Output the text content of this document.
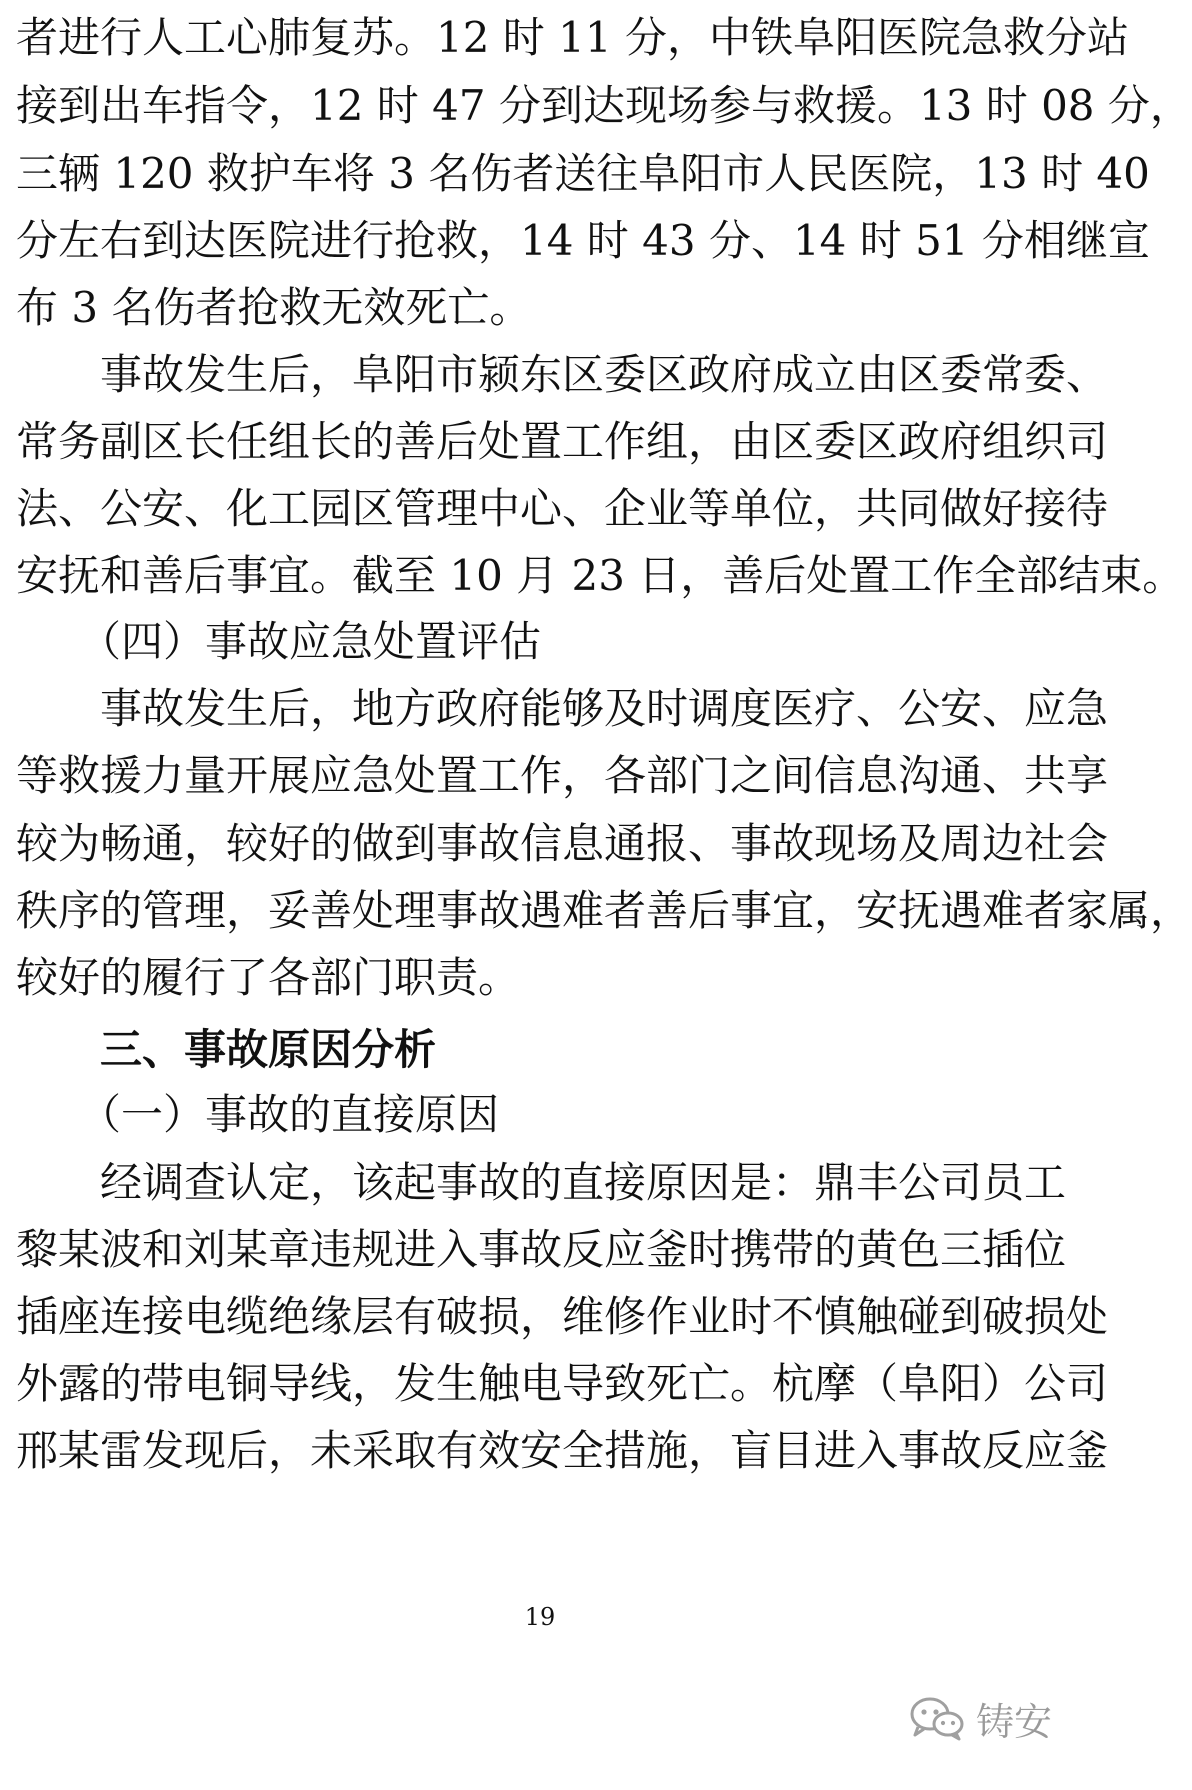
者进行人工心肺复苏。12 时 11 分，中铁阜阳医院急救分站
接到出车指令，12 时 47 分到达现场参与救援。13 时 08 分，
三辆 120 救护车将 3 名伤者送往阜阳市人民医院，13 时 40
分左右到达医院进行抢救，14 时 43 分、14 时 51 分相继宣
布 3 名伤者抢救无效死亡。
　　事故发生后，阜阳市颍东区委区政府成立由区委常委、
常务副区长任组长的善后处置工作组，由区委区政府组织司
法、公安、化工园区管理中心、企业等单位，共同做好接待
安抚和善后事宜。截至 10 月 23 日，善后处置工作全部结束。
　　（四）事故应急处置评估
　　事故发生后，地方政府能够及时调度医疗、公安、应急
等救援力量开展应急处置工作，各部门之间信息沟通、共享
较为畅通，较好的做到事故信息通报、事故现场及周边社会
秩序的管理，妥善处理事故遇难者善后事宜，安抚遇难者家属，
较好的履行了各部门职责。
　　三、事故原因分析
　　（一）事故的直接原因
　　经调查认定，该起事故的直接原因是：鼎丰公司员工
黎某波和刘某章违规进入事故反应釜时携带的黄色三插位
插座连接电缆绝缘层有破损，维修作业时不慎触碰到破损处
外露的带电铜导线，发生触电导致死亡。杭摩（阜阳）公司
邢某雷发现后，未采取有效安全措施，盲目进入事故反应釜
19
铸安
